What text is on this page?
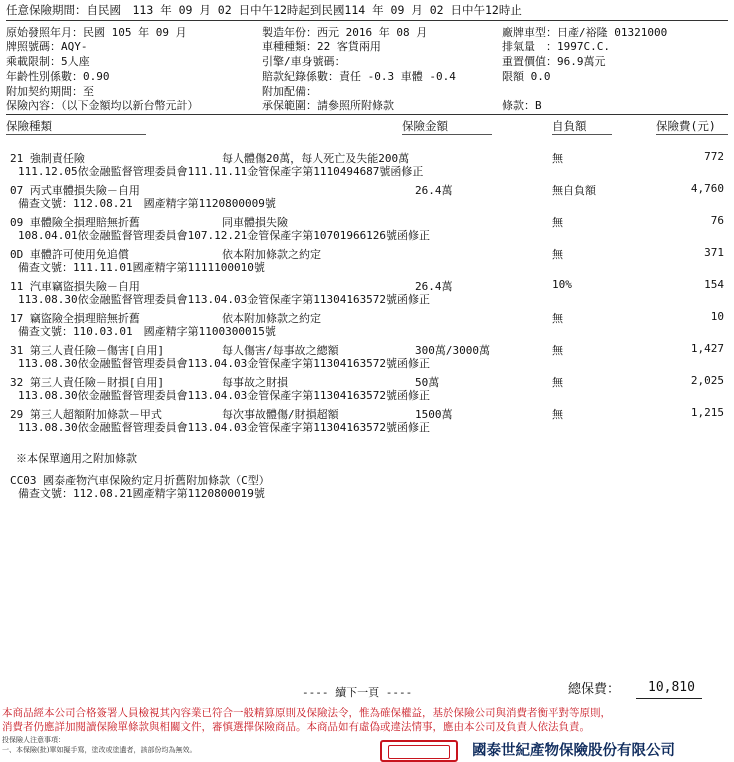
任意保險期間：自民國　113 年 09 月 02 日中午12時起到民國114 年 09 月 02 日中午12時止
原始發照年月：民國 105 年 09 月	製造年份：西元 2016 年 08 月	廠牌車型：日產/裕隆 01321000
牌照號碼：AQY-	車種種類：22 客貨兩用	排氣量　：1997C.C.
乘載限制：5人座	引擎/車身號碼：	重置價值：96.9萬元
年齡性別係數：0.90	賠款紀錄係數：責任 -0.3 車體 -0.4	限額 0.0
附加契約期間：至	附加配備：
保險內容：（以下金額均以新台幣元計）	承保範圍：請參照所附條款	條款：B
保險種類	保險金額	自負額	保險費(元)
21 強制責任險	每人體傷20萬，每人死亡及失能200萬
111.12.05依金融監督管理委員會111.11.11金管保產字第1110494687號函修正
無	772
07 丙式車體損失險－自用
備查文號：112.08.21　國產精字第1120800009號
26.4萬	無自負額	4,760
09 車體險全損理賠無折舊	同車體損失險
108.04.01依金融監督管理委員會107.12.21金管保產字第10701966126號函修正
無	76
0D 車體許可使用免追償	依本附加條款之約定
備查文號：111.11.01國產精字第1111100010號
無	371
11 汽車竊盜損失險－自用
113.08.30依金融監督管理委員會113.04.03金管保產字第11304163572號函修正
26.4萬	10%	154
17 竊盜險全損理賠無折舊	依本附加條款之約定
備查文號：110.03.01　國產精字第1100300015號
無	10
31 第三人責任險－傷害[自用]	每人傷害/每事故之總額
113.08.30依金融監督管理委員會113.04.03金管保產字第11304163572號函修正
300萬/3000萬	無	1,427
32 第三人責任險－財損[自用]	每事故之財損
113.08.30依金融監督管理委員會113.04.03金管保產字第11304163572號函修正
50萬	無	2,025
29 第三人超額附加條款－甲式	每次事故體傷/財損超額
113.08.30依金融監督管理委員會113.04.03金管保產字第11304163572號函修正
1500萬	無	1,215
※本保單適用之附加條款
CC03 國泰產物汽車保險約定月折舊附加條款（C型）
備查文號：112.08.21國產精字第1120800019號
---- 續下一頁 ----	總保費： 10,810
本商品經本公司合格簽署人員檢視其內容業已符合一般精算原則及保險法令，惟為確保權益，基於保險公司與消費者衡平對等原則，
消費者仍應詳加閱讀保險單條款與相關文件，審慎選擇保險商品。本商品如有虛偽或違法情事，應由本公司及負責人依法負責。
投保險人注意事項：
一、本保險(批)單如擬手寫，塗改或塗遺者，該部份均為無效。	國泰世紀產物保險股份有限公司
